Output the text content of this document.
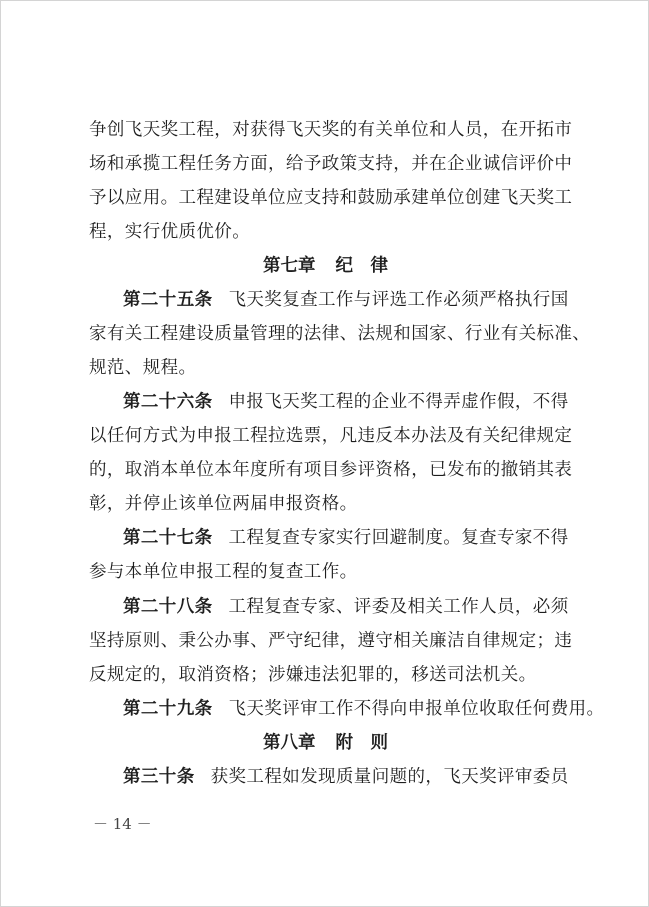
争创飞天奖工程，对获得飞天奖的有关单位和人员，在开拓市
场和承揽工程任务方面，给予政策支持，并在企业诚信评价中
予以应用。工程建设单位应支持和鼓励承建单位创建飞天奖工
程，实行优质优价。
第七章 纪　律
第二十五条 飞天奖复查工作与评选工作必须严格执行国
家有关工程建设质量管理的法律、法规和国家、行业有关标准、
规范、规程。
第二十六条 申报飞天奖工程的企业不得弄虚作假，不得
以任何方式为申报工程拉选票，凡违反本办法及有关纪律规定
的，取消本单位本年度所有项目参评资格，已发布的撤销其表
彰，并停止该单位两届申报资格。
第二十七条 工程复查专家实行回避制度。复查专家不得
参与本单位申报工程的复查工作。
第二十八条 工程复查专家、评委及相关工作人员，必须
坚持原则、秉公办事、严守纪律，遵守相关廉洁自律规定；违
反规定的，取消资格；涉嫌违法犯罪的，移送司法机关。
第二十九条 飞天奖评审工作不得向申报单位收取任何费用。
第八章 附　则
第三十条 获奖工程如发现质量问题的，飞天奖评审委员
－ 14 －
